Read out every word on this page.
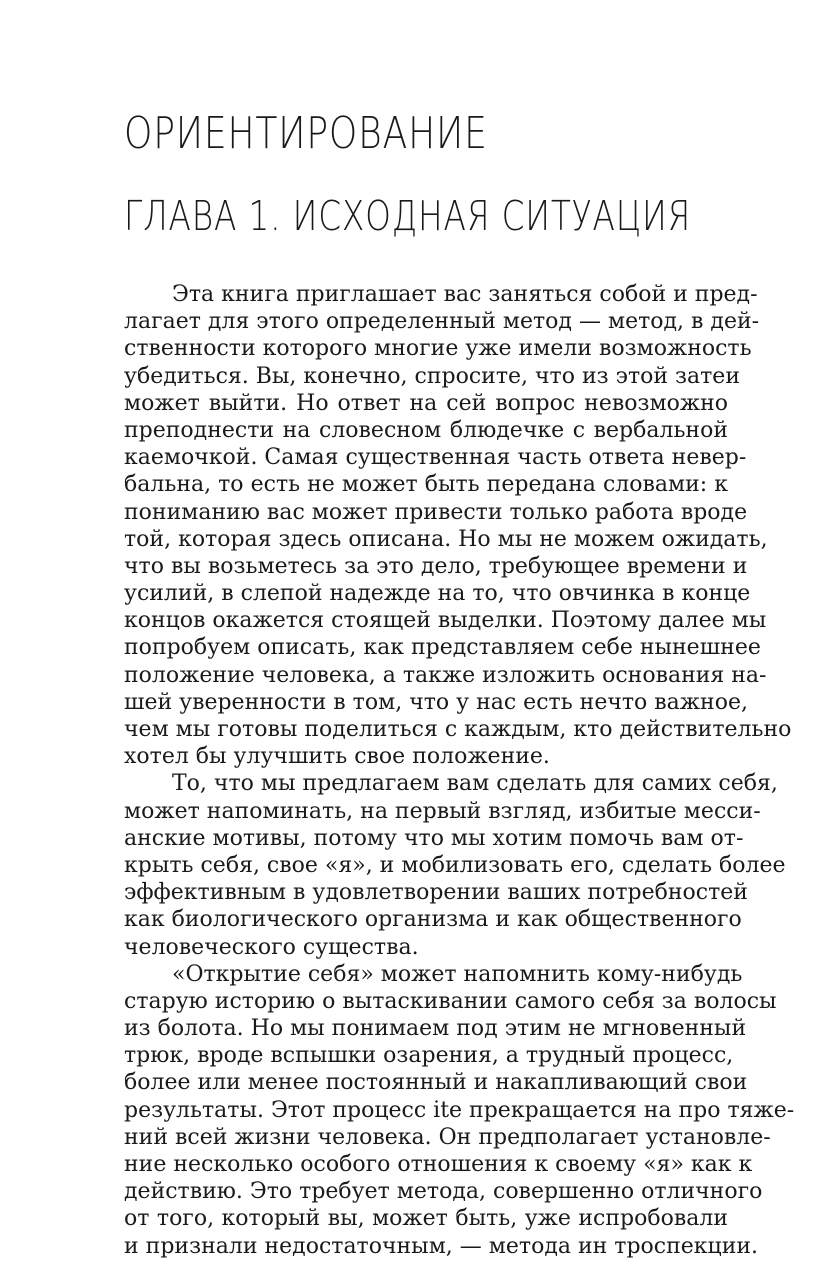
ОРИЕНТИРОВАНИЕ
ГЛАВА 1. ИСХОДНАЯ СИТУАЦИЯ
Эта книга приглашает вас заняться собой и пред-
лагает для этого определенный метод — метод, в дей-
ственности которого многие уже имели возможность
убедиться. Вы, конечно, спросите, что из этой затеи
может выйти. Но ответ на сей вопрос невозможно
преподнести на словесном блюдечке с вербальной
каемочкой. Самая существенная часть ответа невер-
бальна, то есть не может быть передана словами: к
пониманию вас может привести только работа вроде
той, которая здесь описана. Но мы не можем ожидать,
что вы возьметесь за это дело, требующее времени и
усилий, в слепой надежде на то, что овчинка в конце
концов окажется стоящей выделки. Поэтому далее мы
попробуем описать, как представляем себе нынешнее
положение человека, а также изложить основания на-
шей уверенности в том, что у нас есть нечто важное,
чем мы готовы поделиться с каждым, кто действительно
хотел бы улучшить свое положение.
То, что мы предлагаем вам сделать для самих себя,
может напоминать, на первый взгляд, избитые месси-
анские мотивы, потому что мы хотим помочь вам от-
крыть себя, свое «я», и мобилизовать его, сделать более
эффективным в удовлетворении ваших потребностей
как биологического организма и как общественного
человеческого существа.
«Открытие себя» может напомнить кому-нибудь
старую историю о вытаскивании самого себя за волосы
из болота. Но мы понимаем под этим не мгновенный
трюк, вроде вспышки озарения, а трудный процесс,
более или менее постоянный и накапливающий свои
результаты. Этот процесс ite прекращается на про тяже-
ний всей жизни человека. Он предполагает установле-
ние несколько особого отношения к своему «я» как к
действию. Это требует метода, совершенно отличного
от того, который вы, может быть, уже испробовали
и признали недостаточным, — метода ин троспекции.
